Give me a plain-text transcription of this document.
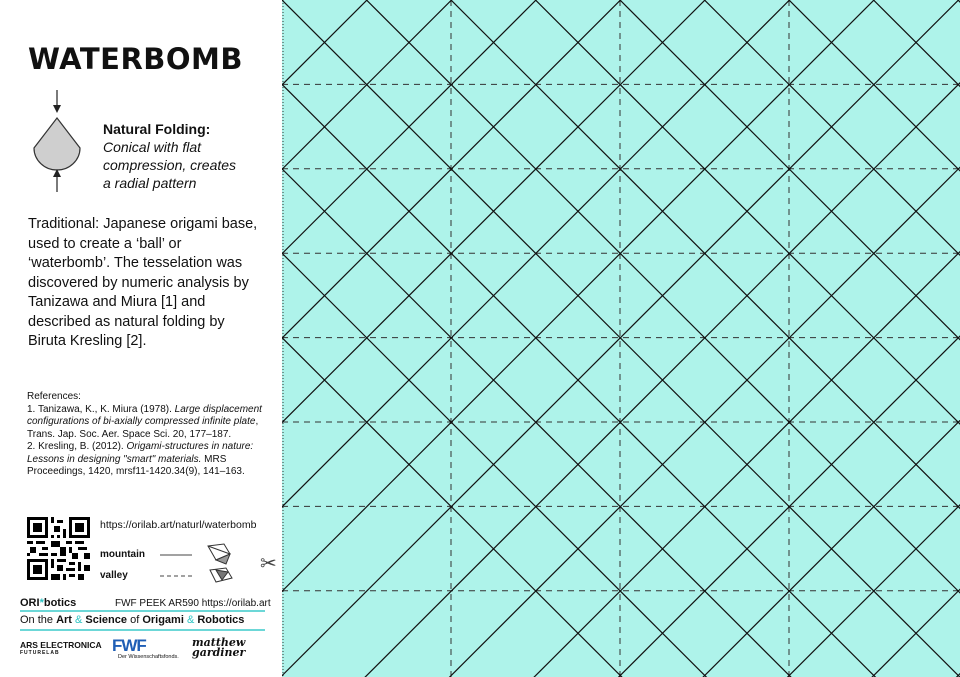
WATERBOMB
Natural Folding:
Conical with flat
compression, creates
a radial pattern
Traditional: Japanese origami base, used to create a ‘ball’ or ‘waterbomb’. The tesselation was discovered by numeric analysis by Tanizawa and Miura [1] and described as natural folding by Biruta Kresling [2].
References:
1. Tanizawa, K., K. Miura (1978). Large displacement configurations of bi-axially compressed infinite plate, Trans. Jap. Soc. Aer. Space Sci. 20, 177–187.
2. Kresling, B. (2012). Origami-structures in nature: Lessons in designing "smart" materials. MRS Proceedings, 1420, mrsf11-1420.34(9), 141–163.
https://orilab.art/naturl/waterbomb
mountain
valley
✂
ORI*botics	FWF PEEK AR590 https://orilab.art
On the Art & Science of Origami & Robotics
ARS ELECTRONICA
FUTURELAB	FWF
Der Wissenschaftsfonds.
matthew
gardiner
